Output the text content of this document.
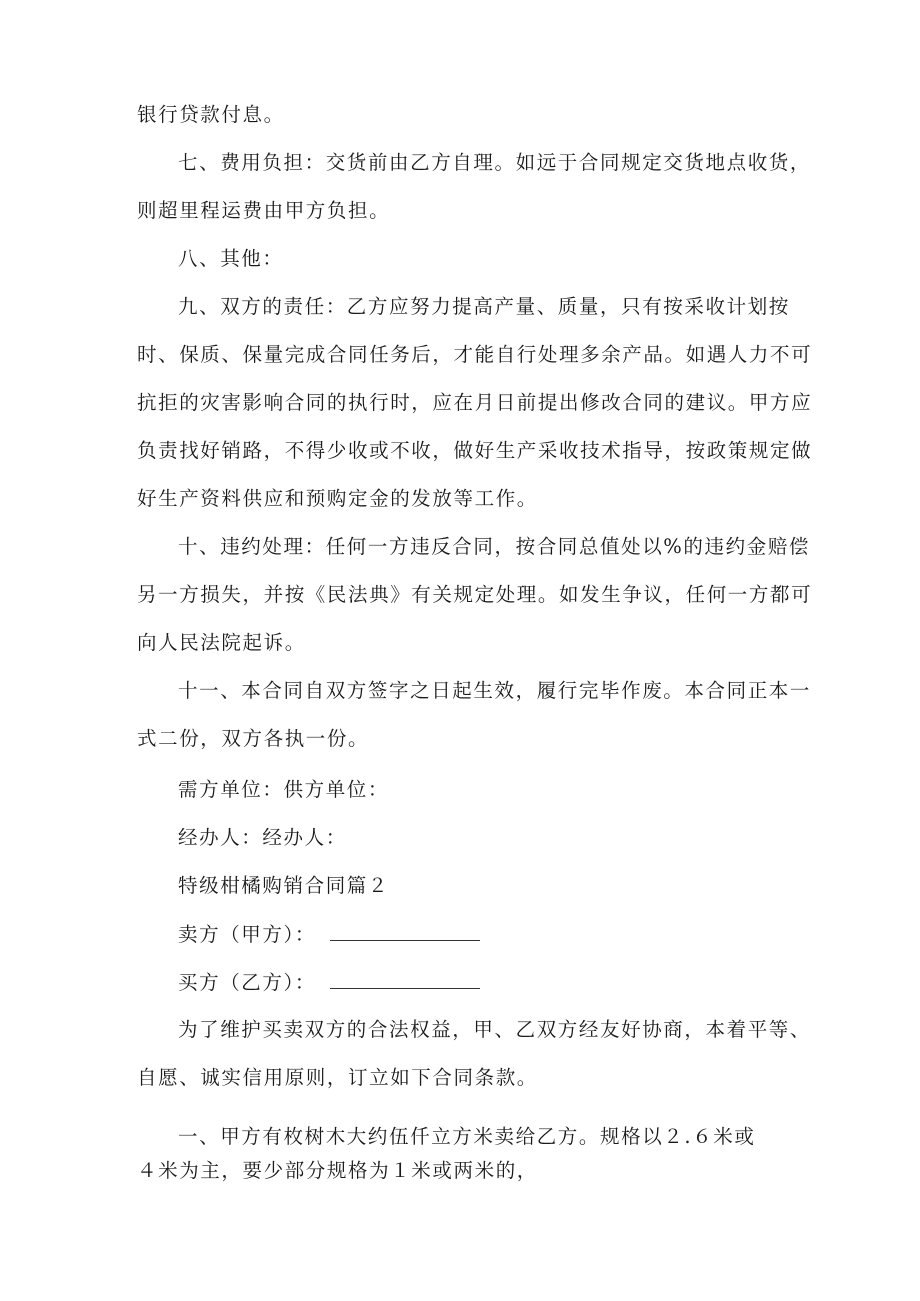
银行贷款付息。
七、费用负担：交货前由乙方自理。如远于合同规定交货地点收货，
则超里程运费由甲方负担。
八、其他：
九、双方的责任：乙方应努力提高产量、质量，只有按采收计划按
时、保质、保量完成合同任务后，才能自行处理多余产品。如遇人力不可
抗拒的灾害影响合同的执行时，应在月日前提出修改合同的建议。甲方应
负责找好销路，不得少收或不收，做好生产采收技术指导，按政策规定做
好生产资料供应和预购定金的发放等工作。
十、违约处理：任何一方违反合同，按合同总值处以%的违约金赔偿
另一方损失，并按《民法典》有关规定处理。如发生争议，任何一方都可
向人民法院起诉。
十一、本合同自双方签字之日起生效，履行完毕作废。本合同正本一
式二份，双方各执一份。
需方单位：供方单位：
经办人：经办人：
特级柑橘购销合同篇２
卖方（甲方）：
买方（乙方）：
为了维护买卖双方的合法权益，甲、乙双方经友好协商，本着平等、
自愿、诚实信用原则，订立如下合同条款。
一、甲方有枚树木大约伍仟立方米卖给乙方。规格以２.６米或
４米为主，要少部分规格为１米或两米的，
